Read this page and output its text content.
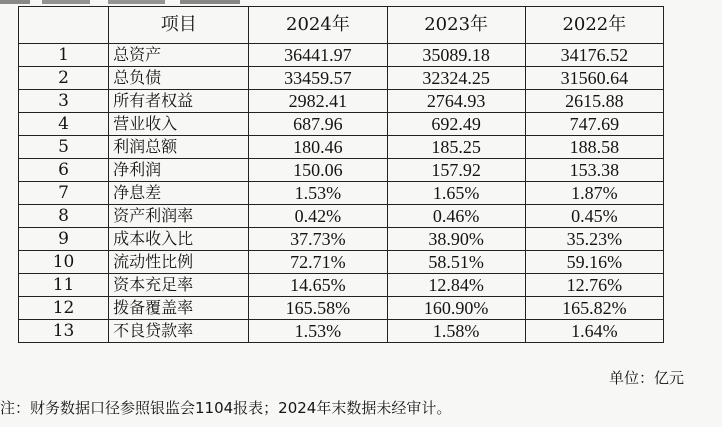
	项目	2024年	2023年	2022年
1	总资产	36441.97	35089.18	34176.52
2	总负债	33459.57	32324.25	31560.64
3	所有者权益	2982.41	2764.93	2615.88
4	营业收入	687.96	692.49	747.69
5	利润总额	180.46	185.25	188.58
6	净利润	150.06	157.92	153.38
7	净息差	1.53%	1.65%	1.87%
8	资产利润率	0.42%	0.46%	0.45%
9	成本收入比	37.73%	38.90%	35.23%
10	流动性比例	72.71%	58.51%	59.16%
11	资本充足率	14.65%	12.84%	12.76%
12	拨备覆盖率	165.58%	160.90%	165.82%
13	不良贷款率	1.53%	1.58%	1.64%
单位：亿元
注：财务数据口径参照银监会1104报表；2024年末数据未经审计。
